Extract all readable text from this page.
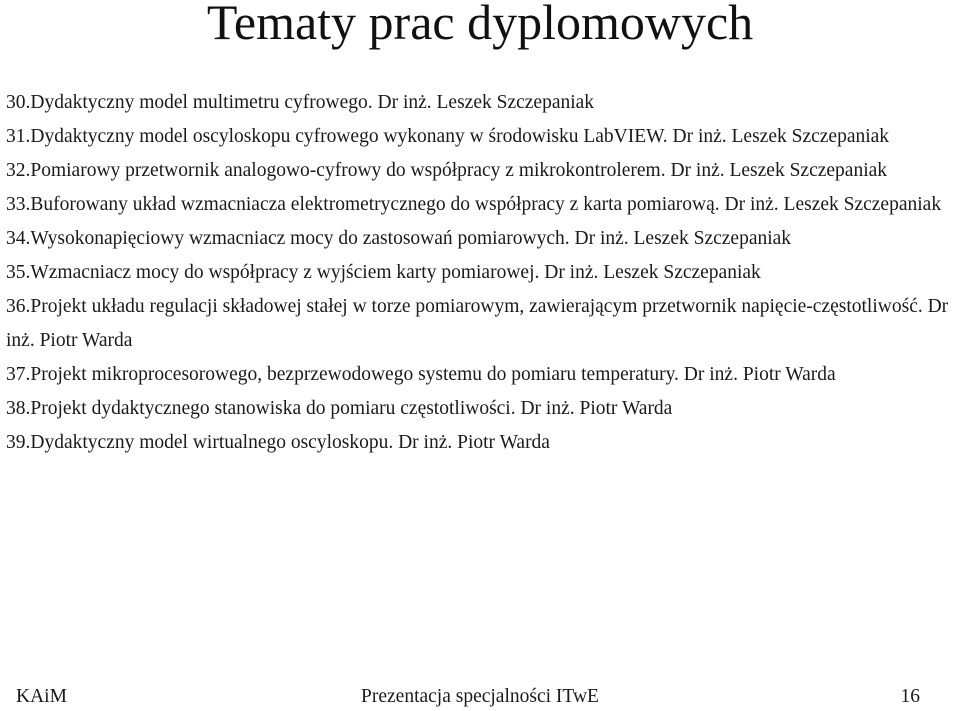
Tematy prac dyplomowych
30.Dydaktyczny model multimetru cyfrowego. Dr inż. Leszek Szczepaniak
31.Dydaktyczny model oscyloskopu cyfrowego wykonany w środowisku LabVIEW. Dr inż. Leszek Szczepaniak
32.Pomiarowy przetwornik analogowo-cyfrowy do współpracy z mikrokontrolerem. Dr inż. Leszek Szczepaniak
33.Buforowany układ wzmacniacza elektrometrycznego do współpracy z karta pomiarową. Dr inż. Leszek Szczepaniak
34.Wysokonapięciowy wzmacniacz mocy do zastosowań pomiarowych. Dr inż. Leszek Szczepaniak
35.Wzmacniacz mocy do współpracy z wyjściem karty pomiarowej. Dr inż. Leszek Szczepaniak
36.Projekt układu regulacji składowej stałej w torze pomiarowym, zawierającym przetwornik napięcie-częstotliwość. Dr inż. Piotr Warda
37.Projekt mikroprocesorowego, bezprzewodowego systemu do pomiaru temperatury. Dr inż. Piotr Warda
38.Projekt dydaktycznego stanowiska do pomiaru częstotliwości. Dr inż. Piotr Warda
39.Dydaktyczny model wirtualnego oscyloskopu. Dr inż. Piotr Warda
KAiM	Prezentacja specjalności ITwE	16
